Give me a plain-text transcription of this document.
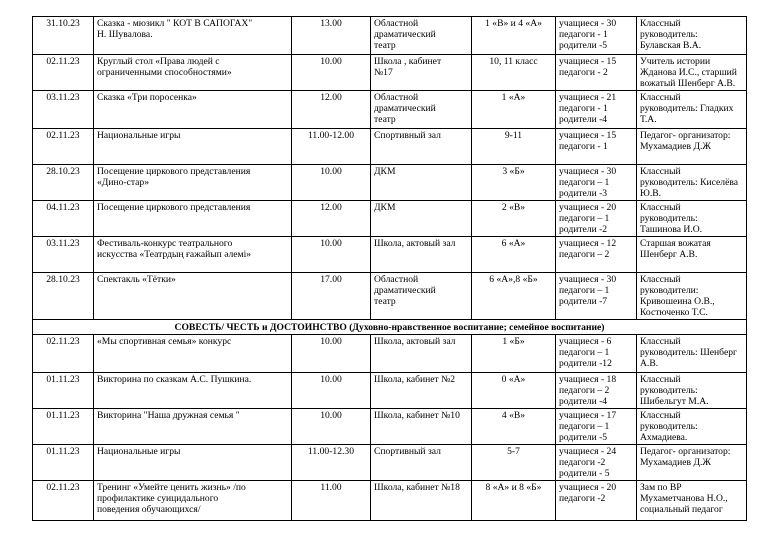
31.10.23	Сказка - мюзикл " КОТ В САПОГАХ"
Н. Шувалова.	13.00	Областной
драматический
театр	1 «В» и 4 «А»	учащиеся - 30
педагоги - 1
родители -5	Классный
руководитель:
Булавская В.А.
02.11.23	Круглый стол «Права людей с
ограниченными способностями»	10.00	Школа , кабинет
№17	10, 11 класс	учащиеся - 15
педагоги - 2	Учитель истории
Жданова И.С., старший
вожатый Шенберг А.В.
03.11.23	Сказка «Три поросенка»	12.00	Областной
драматический
театр	1 «А»	учащиеся - 21
педагоги - 1
родители -4	Классный
руководитель: Гладких
Т.А.
02.11.23	Национальные игры	11.00-12.00	Спортивный зал	9-11	учащиеся - 15
педагоги - 1	Педагог- организатор:
Мухамадиев Д.Ж
28.10.23	Посещение циркового представления
«Дино-стар»	10.00	ДКМ	3 «Б»	учащиеся - 30
педагоги – 1
родители -3	Классный
руководитель: Киселёва
Ю.В.
04.11.23	Посещение циркового представления	12.00	ДКМ	2 «В»	учащиеся - 20
педагоги – 1
родители -2	Классный
руководитель:
Ташинова И.О.
03.11.23	Фестиваль-конкурс театрального
искусства «Театрдың ғажайып әлемі»	10.00	Школа, актовый зал	6 «А»	учащиеся - 12
педагоги – 2	Старшая вожатая
Шенберг А.В.
28.10.23	Спектакль «Тётки»	17.00	Областной
драматический
театр	6 «А»,8 «Б»	учащиеся - 30
педагоги – 1
родители -7	Классный
руководители:
Кривошеина О.В.,
Костюченко Т.С.
СОВЕСТЬ/ ЧЕСТЬ и ДОСТОИНСТВО (Духовно-нравственное воспитание; семейное воспитание)						
02.11.23	«Мы спортивная семья» конкурс	10.00	Школа, актовый зал	1 «Б»	учащиеся - 6
педагоги – 1
родители -12	Классный
руководитель: Шенберг
А.В.
01.11.23	Викторина по сказкам А.С. Пушкина.	10.00	Школа, кабинет №2	0 «А»	учащиеся - 18
педагоги – 2
родители -4	Классный
руководитель:
Шибельгут М.А.
01.11.23	Викторина "Наша дружная семья "	10.00	Школа, кабинет №10	4 «В»	учащиеся - 17
педагоги – 1
родители -5	Классный
руководитель:
Ахмадиева.
01.11.23	Национальные игры	11.00-12.30	Спортивный зал	5-7	учащиеся - 24
педагоги -2
родители - 5	Педагог- организатор:
Мухамадиев Д.Ж
02.11.23	Тренинг «Умейте ценить жизнь» /по
профилактике суицидального
поведения обучающихся/	11.00	Школа, кабинет №18	8 «А» и 8 «Б»	учащиеся - 20
педагоги -2	Зам по ВР
Мухаметчанова Н.О.,
социальный педагог
